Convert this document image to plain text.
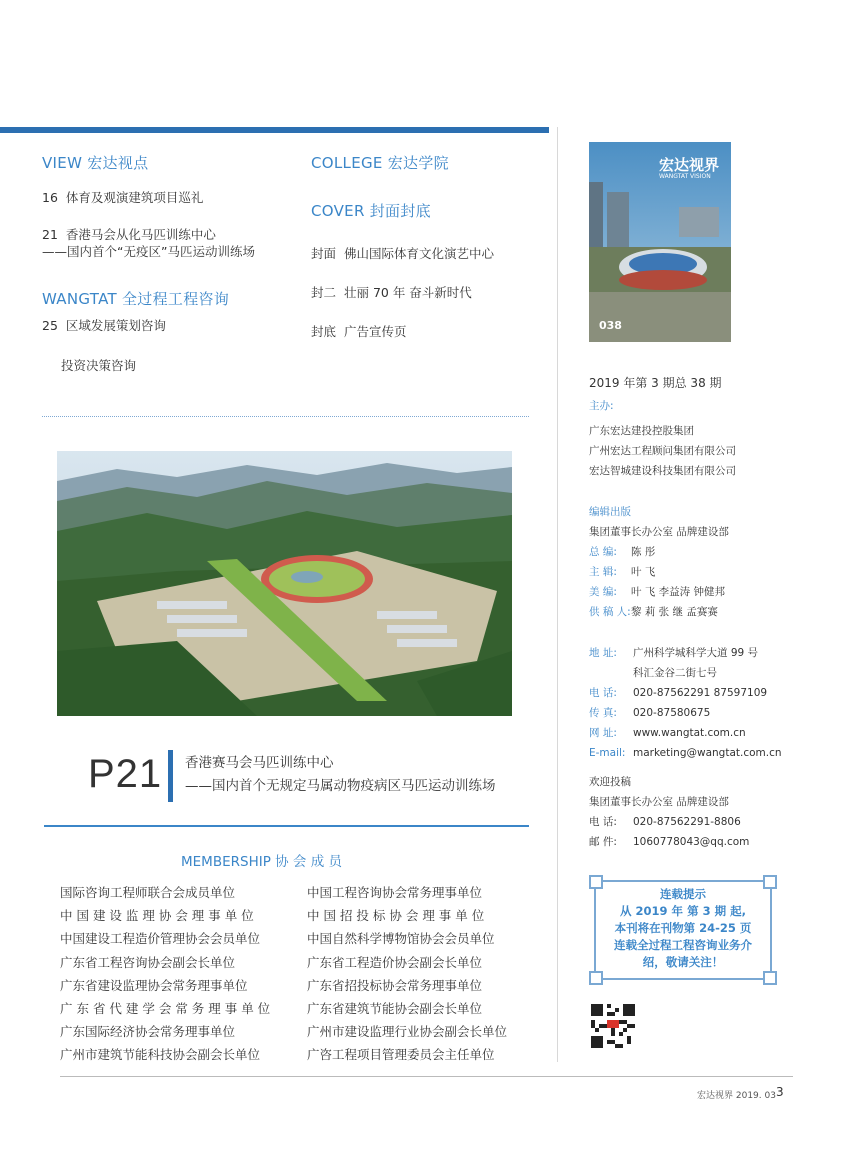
VIEW 宏达视点
16 体育及观演建筑项目巡礼
21 香港马会从化马匹训练中心
——国内首个“无疫区”马匹运动训练场
WANGTAT 全过程工程咨询
25 区域发展策划咨询
投资决策咨询
COLLEGE 宏达学院
COVER 封面封底
封面 佛山国际体育文化演艺中心
封二 壮丽 70 年 奋斗新时代
封底 广告宣传页
P21 香港赛马会马匹训练中心
——国内首个无规定马属动物疫病区马匹运动训练场
MEMBERSHIP 协 会 成 员
国际咨询工程师联合会成员单位
中 国 建 设 监 理 协 会 理 事 单 位
中国建设工程造价管理协会会员单位
广东省工程咨询协会副会长单位
广东省建设监理协会常务理事单位
广 东 省 代 建 学 会 常 务 理 事 单 位
广东国际经济协会常务理事单位
广州市建筑节能科技协会副会长单位
中国工程咨询协会常务理事单位
中 国 招 投 标 协 会 理 事 单 位
中国自然科学博物馆协会会员单位
广东省工程造价协会副会长单位
广东省招投标协会常务理事单位
广东省建筑节能协会副会长单位
广州市建设监理行业协会副会长单位
广咨工程项目管理委员会主任单位
宏达视界
WANGTAT VISION
038
2019 年第 3 期总 38 期
主办:
广东宏达建投控股集团
广州宏达工程顾问集团有限公司
宏达智城建设科技集团有限公司
编辑出版
集团董事长办公室 品牌建设部
总 编: 陈 彤
主 辑: 叶 飞
美 编: 叶 飞 李益涛 钟健邦
供 稿 人:黎 莉 张 继 孟赛赛
地 址: 广州科学城科学大道 99 号
科汇金谷二街七号
电 话: 020-87562291 87597109
传 真: 020-87580675
网 址: www.wangtat.com.cn
E-mail: marketing@wangtat.com.cn
欢迎投稿
集团董事长办公室 品牌建设部
电 话: 020-87562291-8806
邮 件: 1060778043@qq.com
连载提示
从 2019 年 第 3 期 起,
本刊将在刊物第 24-25 页
连载全过程工程咨询业务介
绍，敬请关注！
宏达视界 2019. 03 3
